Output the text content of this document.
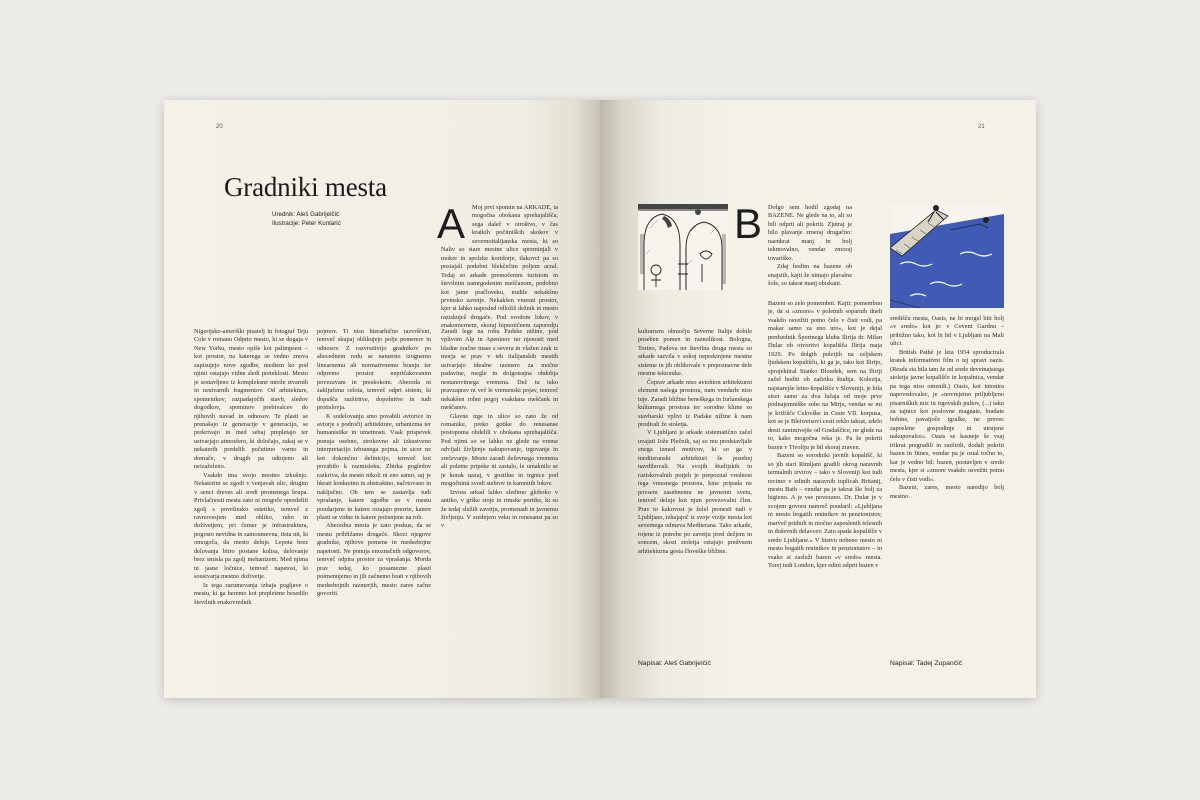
20
Gradniki mesta
Urednik: Aleš Gabrijelčič
Ilustracije: Peter Kuntarić A Moj prvi spomin na ARKADE, ta mogočna obokana sprehajališča, sega daleč v otroštvo, v čas kratkih počitniških skokov v severnoitalijanska mesta, ki so

Naliv so stare mestne ulice spreminjali v mokre in spolzke koridorje, tlakovci pa so postajali podobni blekčečim poljem arzal. Tedaj so arkade premočenim turistom in številnim namrgodenim meščanom, podobno kot jame pračloveku, nudile nekakšno prvinsko zavetje. Nekakšen vmesni prostor, kjer si lahko naposled odložiš dežnik in mesto raziskuješ drugače. Pod svodom lokov, v enakomernem, skoraj hipnotičnem zaporedju

Nigerijsko-ameriški pisatelj in fotograf Teju Cole v romanu Odprto mesto, ki se dogaja v New Yorku, mesto opiše kot palimpsest – kot prostor, na katerega se vedno znova zapisujejo nove zgodbe, medtem ko pod njimi ostajajo vidne sledi preteklosti. Mesto je sestavljeno iz kompleksne mreže stvarnih in nestvarnih fragmentov. Od arhitekture, spomenikov, razpadajočih stavb, sledov dogodkov, spominov prebivalcev do njihovih navad in odnosov. Te plasti se prenašajo iz generacije v generacijo, se prekrivajo in med sebaj prepletajo ter ustvarjajo atmosfero, ki določajo, zakaj se v nekaterih predelih počutimo varno in domače, v drugih pa odtujeno ali neizaželeno.

Vsakdo ima svojo mestno izkušnjo. Nekaterim se zgodi v venjavah ulic, drugim v senci dreves ali sredi promenega hrupa. Privlačnosti mesta zato ni mogoče opredeliti zgolj s površinsko estetiko, temveč z ravnovesjem med obliko, rabo in doživetjem, pri čemer je infrastruktura, pogosto nevidna in samoumevna, tista nit, ki omogoča, da mesto deluje. Lepota brez delovanja bitro postane kulisa, delovanje brez smisla pa zgolj mehanizem. Med njima ni jasne ločnice, temveč napetost, ki soustvarja mestno doživetje.

Iz tega razumevanja izhaja pogljave o mestu, ki ga beremo kot prepletene besedilo številnih enakovrednih

pojmov. Ti niso hierarhično razvrščeni, temveč skupaj oblikujejo polje pomenov in odnosov. Z razvrstitvijo gradnikov po abecednem redu se namerno izognemo linearnemu ali normativnemu branju ter odpremo prostor nepričakovanim povezavam in preskokom. Abeceda ni zaključena celota, temveč odprt sistem, ki dopušča razširitve, dopolnitve in tudi protislovja.

K sodelovanju smo povabili avtorice in avtorje s področij arhitekture, urbanizma ter humanistike in umetnosti. Vsak prispevek ponuja osebno, strokovno ali izkustveno interpretacijo izbranega pojma, in sicer ne kot dokončno definicijo, temveč kot povabilo k razmisleku. Zbirka pogledov razkriva, da mesto nikoli ni eno samo, saj je hkrati konkretno in abstraktno, načrtovano in naključno. Ob tem se zastavlja tudi vprašanje, katere zgodbe so v mestu poudarjene in katere ostajajo prezrte, katere plasti se vidne in katere potisnjene na rob.

Abecedna mesta je zato poskus, da se mestu približamo drugače. Skozi njegove gradnike, njihove pomene in medsebojne napetosti. Ne ponuja enoznačnih odgovorov, temveč odpira prostor za vprašanja. Morda prav tedaj, ko posamezne plasti poimenujemo in jih začnemo brati v njihovih medsebojnih razmerjih, mesto zares začne govoriti.

Zaradi lege na robu Padske nižine, pod vplivom Alp in Apeninov ter njenosti med hladne zračne mase s severa in vlažen zrak iz morja se prav v teh italijanskih mestih ustvarjajo idealne razmere za močne padavine, megle in dolgotrajna obdobja nestanovitnega vremena. Dež tu tako pravzaprav ni več le vremenski pojav, temveč nekakšen robni pogoj vsakdana meščank in meščanov.

Glavne trge in ulice so zato že od romanike, preko gotike do renesanse postopoma obdelili v obokana sprehajališča. Pod njimi so se lahko ne glede na vreme odvijali življenje nakupovanje, trgovanje in srečevanje. Mesto zaradi deževnega vremena ali poletne pripeke ni zastalo, le umaknilo se je korak nazaj, v gostilne in trgnice pod mogočnimi svodi stebrov in kamnitih lokov.

Izvora arkad lahko sledimo globoko v antiko, v grške stoje in rimske portike, ki so že tedaj služili zavetju, promenadi in javnemu življenju. V srednjem veku in renesansi pa so v

21
B Dolgo sem hodil zgodaj na BAZENE. Ne glede na to, ali so bili odprti ali pokriti. Zjutraj je bilo plavanje zmeraj drugačno: naenkrat manj in bolj tekmovalno, vendar zmoraj tovariško.

Zdaj hodim na bazene ob enajstih, kajti že nimajo plavalne šole, so takrat manj obiskani.

kulturnem območju Severne Italije dobile poseben pomen in raznolikost. Bologna, Torino, Padova ter številna druga mesta so arkade razvila v sokoj neprekinjene mestne sisteme in jih oblikovale v prepoznavne dele mestne tektonike.

Čeprav arkade niso avtohton arhitekturni element našega prostora, nam vendarle niso tuje. Zaradi bližine beneškega in furlanskega kulturnega prostora ter sorodne klime so stavbarski vplivi iz Padske nižine k nam prodirali že stoletja.

V Ljubljani je arkade sistematično začel uvajati Jože Plečnik, saj so mu predstavljale enega izmed motivov, ki so ga v mediteranski arhitekturi še posebej navdihovali. Na svojih študijskih in raziskovalnih potjeh je prepoznal vrednost tega vmesnega prostora, kine pripada ne povsem zasebnemu ne javnemu svetu, temveč deluje kot njun povezovalni člen. Prav to kakovost je želel prenesti tudi v Ljubljano, izhajajoč iz svoje vizije mesta kot severnega odmeva Mediterana. Tako arkade, rojene iz potrebe po zavetju pred dežjem in soncem, skozi stoletja ostajajo predvsem arhitekturna gesta človeške bližine.

Napisal: Aleš Gabrijelčič

Bazeni so zelo pomembni. Kajti: pomembno je, da si »zmore« v poletnih soparnih dneh vsakdo osvežiti potno čelo v čisti vodi, pa makar samo za eno uro«, kot je dejal predsednik Športnega kluba Ilirija dr. Milan Dular ob otvoritvi kopališča Ilirija maja 1929. Po dolgih poletjih na celjskem ljudskem kopališču, ki ga je, tako kot Ilirijo, sprojektiral Stanko Bloudek, sem na Iliriji začel hoditi ob začetku študija. Kolezija, najstarejše letno kopališče v Sloveniji, je bila sicer samo za dva lučaja od moje prve podnajemniške sobe na Mirju, vendar se mi je križišče Celovške in Ceste VII. korpusa, kot se je Bleiweisovi cesti reklo takrat, zdelo dosti zanimivejše od Gradaščice, ne glede na to, kako mogočna reka je. Pa še pokriti bazen v Tivoliju je bil skoraj zraven.

Bazeni so sorodniki javnih kopališč, ki so jih stari Rimljani gradili okrog naravnih termalnih izvirov – tako v Sloveniji kot tudi recimo v edinih naravnih toplicah Britanij, mestu Bath – vendar pa je takrat šlo bolj za higieno. A je vse povezano. Dr. Dular je v svojem govoru namreč poudaril: »Ljubljana ni mesto bogatih rentnikov in penzionistov, marveč pridnih in močno zaposlenih telesnih in duševnih delavcev. Zato spada kopališče v sredo Ljubljane.« V bistvu nobeno mesto ni mesto bogatih rentnikov in penzionistov – in vsako si zasluži bazen »v sredo« mesta. Toreј tudi London, kjer edini odprti bazen v

središču mesta, Oasis, ne bi mogel biti bolj »v sredo« kot je: v Covent Gardnu – pribižno tako, kot bi bil v Ljubljani na Mali ulici.

British Pathé je leta 1954 sproducirala kratek informativni film o tej spravi oazis. (Resda sta bila tam že od srede devetnajstega stoletja javne kopališče in kopalnica, vendar pa tega niso omenili.) Oasis, kot intonira napovedovalec, je »novrejetno priljubljeno pisarniških miz in trgovskih pultov, (...) tako za tajnice kot poslovne magnate, bradate bobme, pavaijoče igralke, ne prevec zaposlene gospodinje in utrujene nakupovalce«. Oasis se kasneje še vsaj trikrat pregradili in razširili, dodali pokriti bazen in fitnes, vendar pa je ostal točno to, kar je vedno bil: bazen, postavljen v sredo mesta, kjer si »zmore vsakdo osvežiti potno čelo v čisti vodi«.

Bazeni, zares, mesto naredijo bolj mestno.

Napisal: Tadej Zupančič
